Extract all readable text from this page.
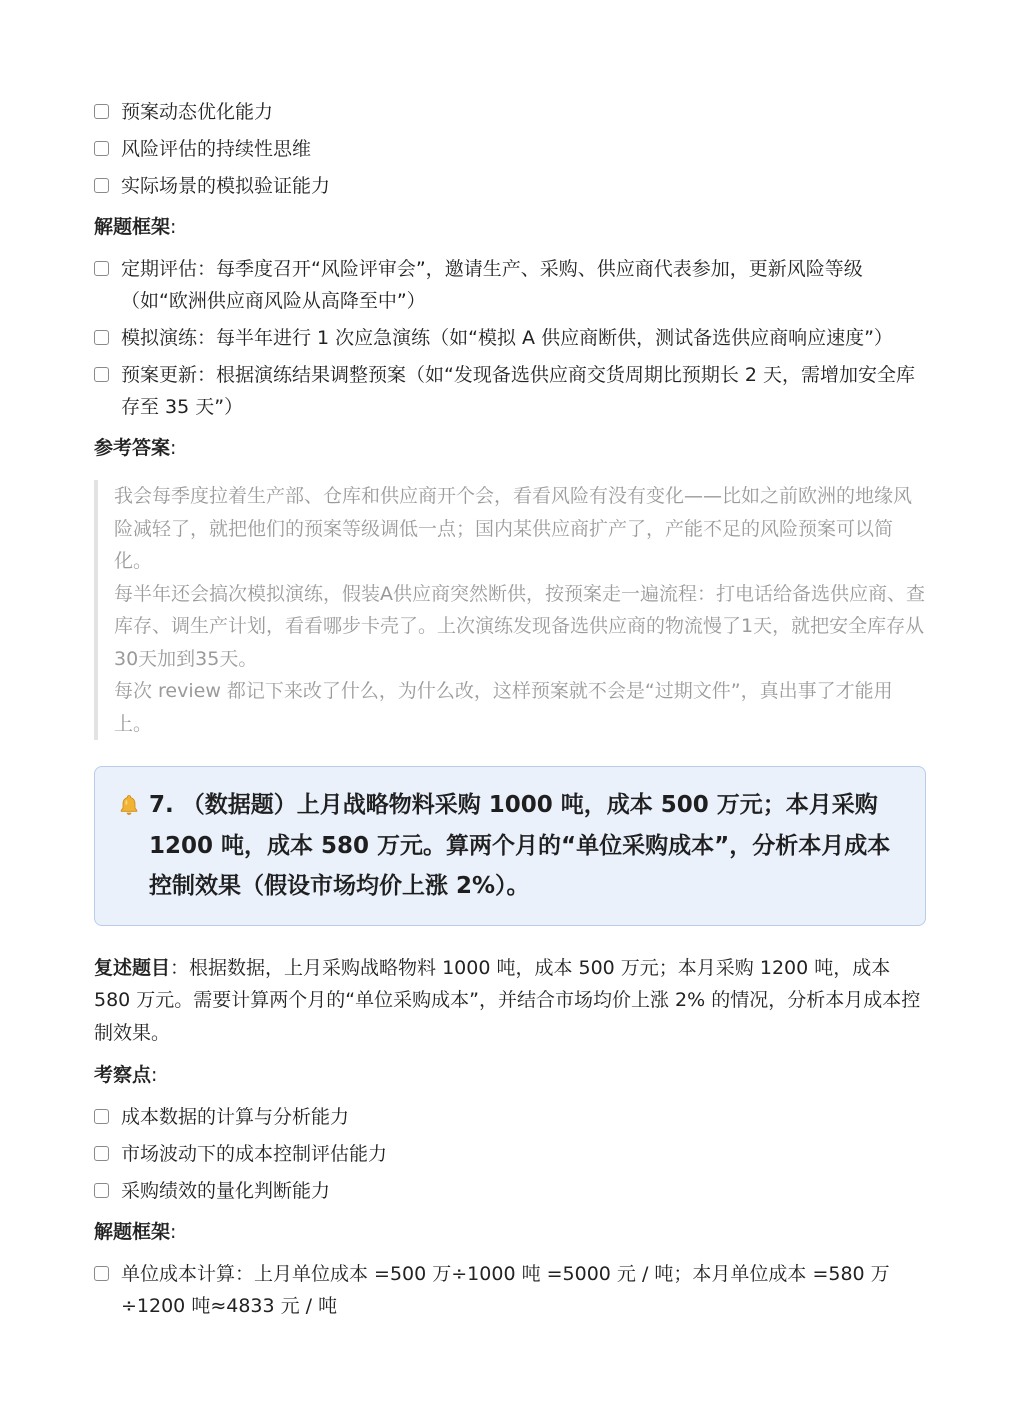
预案动态优化能力
风险评估的持续性思维
实际场景的模拟验证能力
解题框架:
定期评估：每季度召开“风险评审会”，邀请生产、采购、供应商代表参加，更新风险等级（如“欧洲供应商风险从高降至中”）
模拟演练：每半年进行 1 次应急演练（如“模拟 A 供应商断供，测试备选供应商响应速度”）
预案更新：根据演练结果调整预案（如“发现备选供应商交货周期比预期长 2 天，需增加安全库存至 35 天”）
参考答案:

我会每季度拉着生产部、仓库和供应商开个会，看看风险有没有变化——比如之前欧洲的地缘风险减轻了，就把他们的预案等级调低一点；国内某供应商扩产了，产能不足的风险预案可以简化。

每半年还会搞次模拟演练，假装A供应商突然断供，按预案走一遍流程：打电话给备选供应商、查库存、调生产计划，看看哪步卡壳了。上次演练发现备选供应商的物流慢了1天，就把安全库存从30天加到35天。

每次 review 都记下来改了什么，为什么改，这样预案就不会是“过期文件”，真出事了才能用上。

7. （数据题）上月战略物料采购 1000 吨，成本 500 万元；本月采购 1200 吨，成本 580 万元。算两个月的“单位采购成本”，分析本月成本控制效果（假设市场均价上涨 2%）。
复述题目：根据数据，上月采购战略物料 1000 吨，成本 500 万元；本月采购 1200 吨，成本 580 万元。需要计算两个月的“单位采购成本”，并结合市场均价上涨 2% 的情况，分析本月成本控制效果。
考察点:
成本数据的计算与分析能力
市场波动下的成本控制评估能力
采购绩效的量化判断能力
解题框架:
单位成本计算：上月单位成本 =500 万÷1000 吨 =5000 元 / 吨；本月单位成本 =580 万÷1200 吨≈4833 元 / 吨
